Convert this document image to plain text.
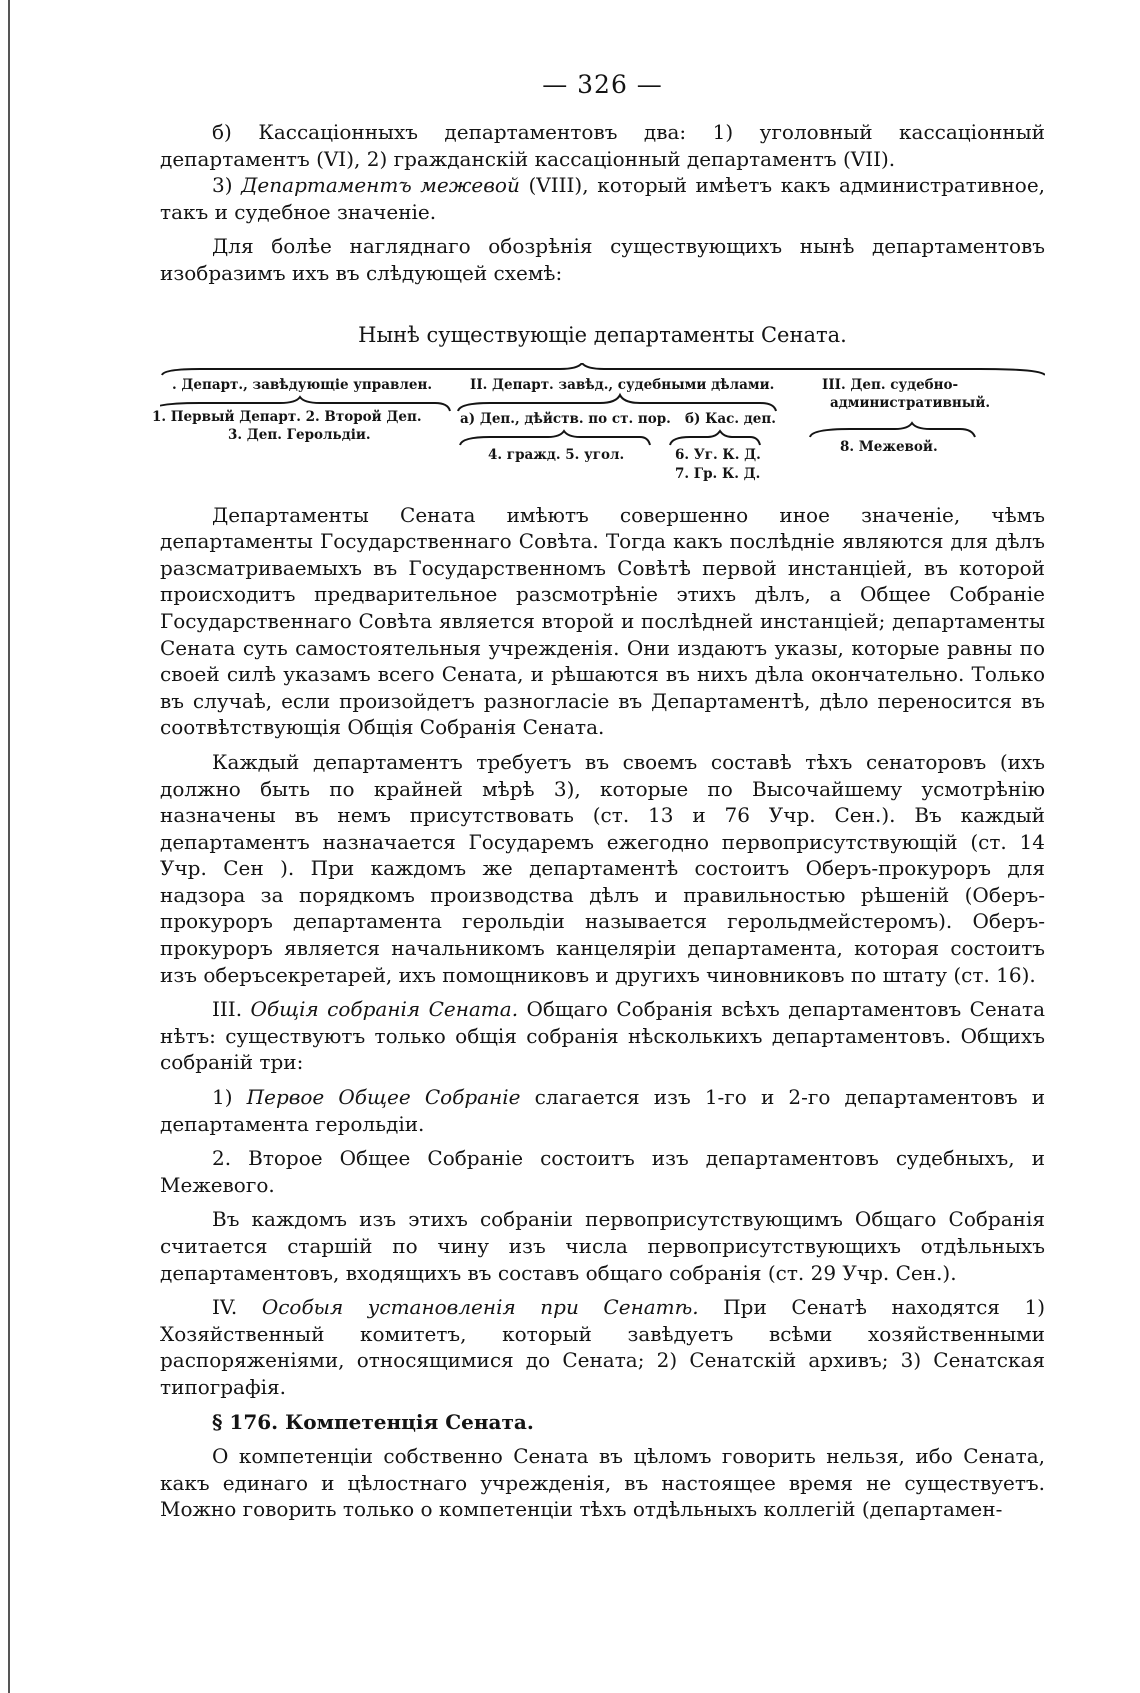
— 326 —

б) Кассаціонныхъ департаментовъ два: 1) уголовный кассаціонный департаментъ (VI), 2) гражданскій кассаціонный департаментъ (VII).

3) Департаментъ межевой (VIII), который имѣетъ какъ административное, такъ и судебное значеніе.

Для болѣе нагляднаго обозрѣнія существующихъ нынѣ департаментовъ изобразимъ ихъ въ слѣдующей схемѣ:

Нынѣ существующіе департаменты Сената.
. Департ., завѣдующіе управлен.
1. Первый Департ. 2. Второй Деп.
3. Деп. Герольдіи.
II. Департ. завѣд., судебными дѣлами.
а) Деп., дѣйств. по ст. пор. б) Кас. деп.
4. гражд. 5. угол.	6. Уг. К. Д.
7. Гр. К. Д.
III. Деп. судебно-
административный.
8. Межевой.

Департаменты Сената имѣютъ совершенно иное значеніе, чѣмъ департаменты Государственнаго Совѣта. Тогда какъ послѣдніе являются для дѣлъ разсматриваемыхъ въ Государственномъ Совѣтѣ первой инстанціей, въ которой происходитъ предварительное разсмотрѣніе этихъ дѣлъ, а Общее Собраніе Государственнаго Совѣта является второй и послѣдней инстанціей; департаменты Сената суть самостоятельныя учрежденія. Они издаютъ указы, которые равны по своей силѣ указамъ всего Сената, и рѣшаются въ нихъ дѣла окончательно. Только въ случаѣ, если произойдетъ разногласіе въ Департаментѣ, дѣло переносится въ соотвѣтствующія Общія Собранія Сената.

Каждый департаментъ требуетъ въ своемъ составѣ тѣхъ сенаторовъ (ихъ должно быть по крайней мѣрѣ 3), которые по Высочайшему усмотрѣнію назначены въ немъ присутствовать (ст. 13 и 76 Учр. Сен.). Въ каждый департаментъ назначается Государемъ ежегодно первоприсутствующій (ст. 14 Учр. Сен ). При каждомъ же департаментѣ состоитъ Оберъ-прокуроръ для надзора за порядкомъ производства дѣлъ и правильностью рѣшеній (Оберъ-прокуроръ департамента герольдіи называется герольдмейстеромъ). Оберъ-прокуроръ является начальникомъ канцеляріи департамента, которая состоитъ изъ оберъсекретарей, ихъ помощниковъ и другихъ чиновниковъ по штату (ст. 16).

III. Общія собранія Сената. Общаго Собранія всѣхъ департаментовъ Сената нѣтъ: существуютъ только общія собранія нѣсколькихъ департаментовъ. Общихъ собраній три:

1) Первое Общее Собраніе слагается изъ 1-го и 2-го департаментовъ и департамента герольдіи.

2. Второе Общее Собраніе состоитъ изъ департаментовъ судебныхъ, и Межевого.

Въ каждомъ изъ этихъ собраніи первоприсутствующимъ Общаго Собранія считается старшій по чину изъ числа первоприсутствующихъ отдѣльныхъ департаментовъ, входящихъ въ составъ общаго собранія (ст. 29 Учр. Сен.).

IV. Особыя установленія при Сенатѣ. При Сенатѣ находятся 1) Хозяйственный комитетъ, который завѣдуетъ всѣми хозяйственными распоряженіями, относящимися до Сената; 2) Сенатскій архивъ; 3) Сенатская типографія.

§ 176. Компетенція Сената.

О компетенціи собственно Сената въ цѣломъ говорить нельзя, ибо Сената, какъ единаго и цѣлостнаго учрежденія, въ настоящее время не существуетъ. Можно говорить только о компетенціи тѣхъ отдѣльныхъ коллегій (департамен-
